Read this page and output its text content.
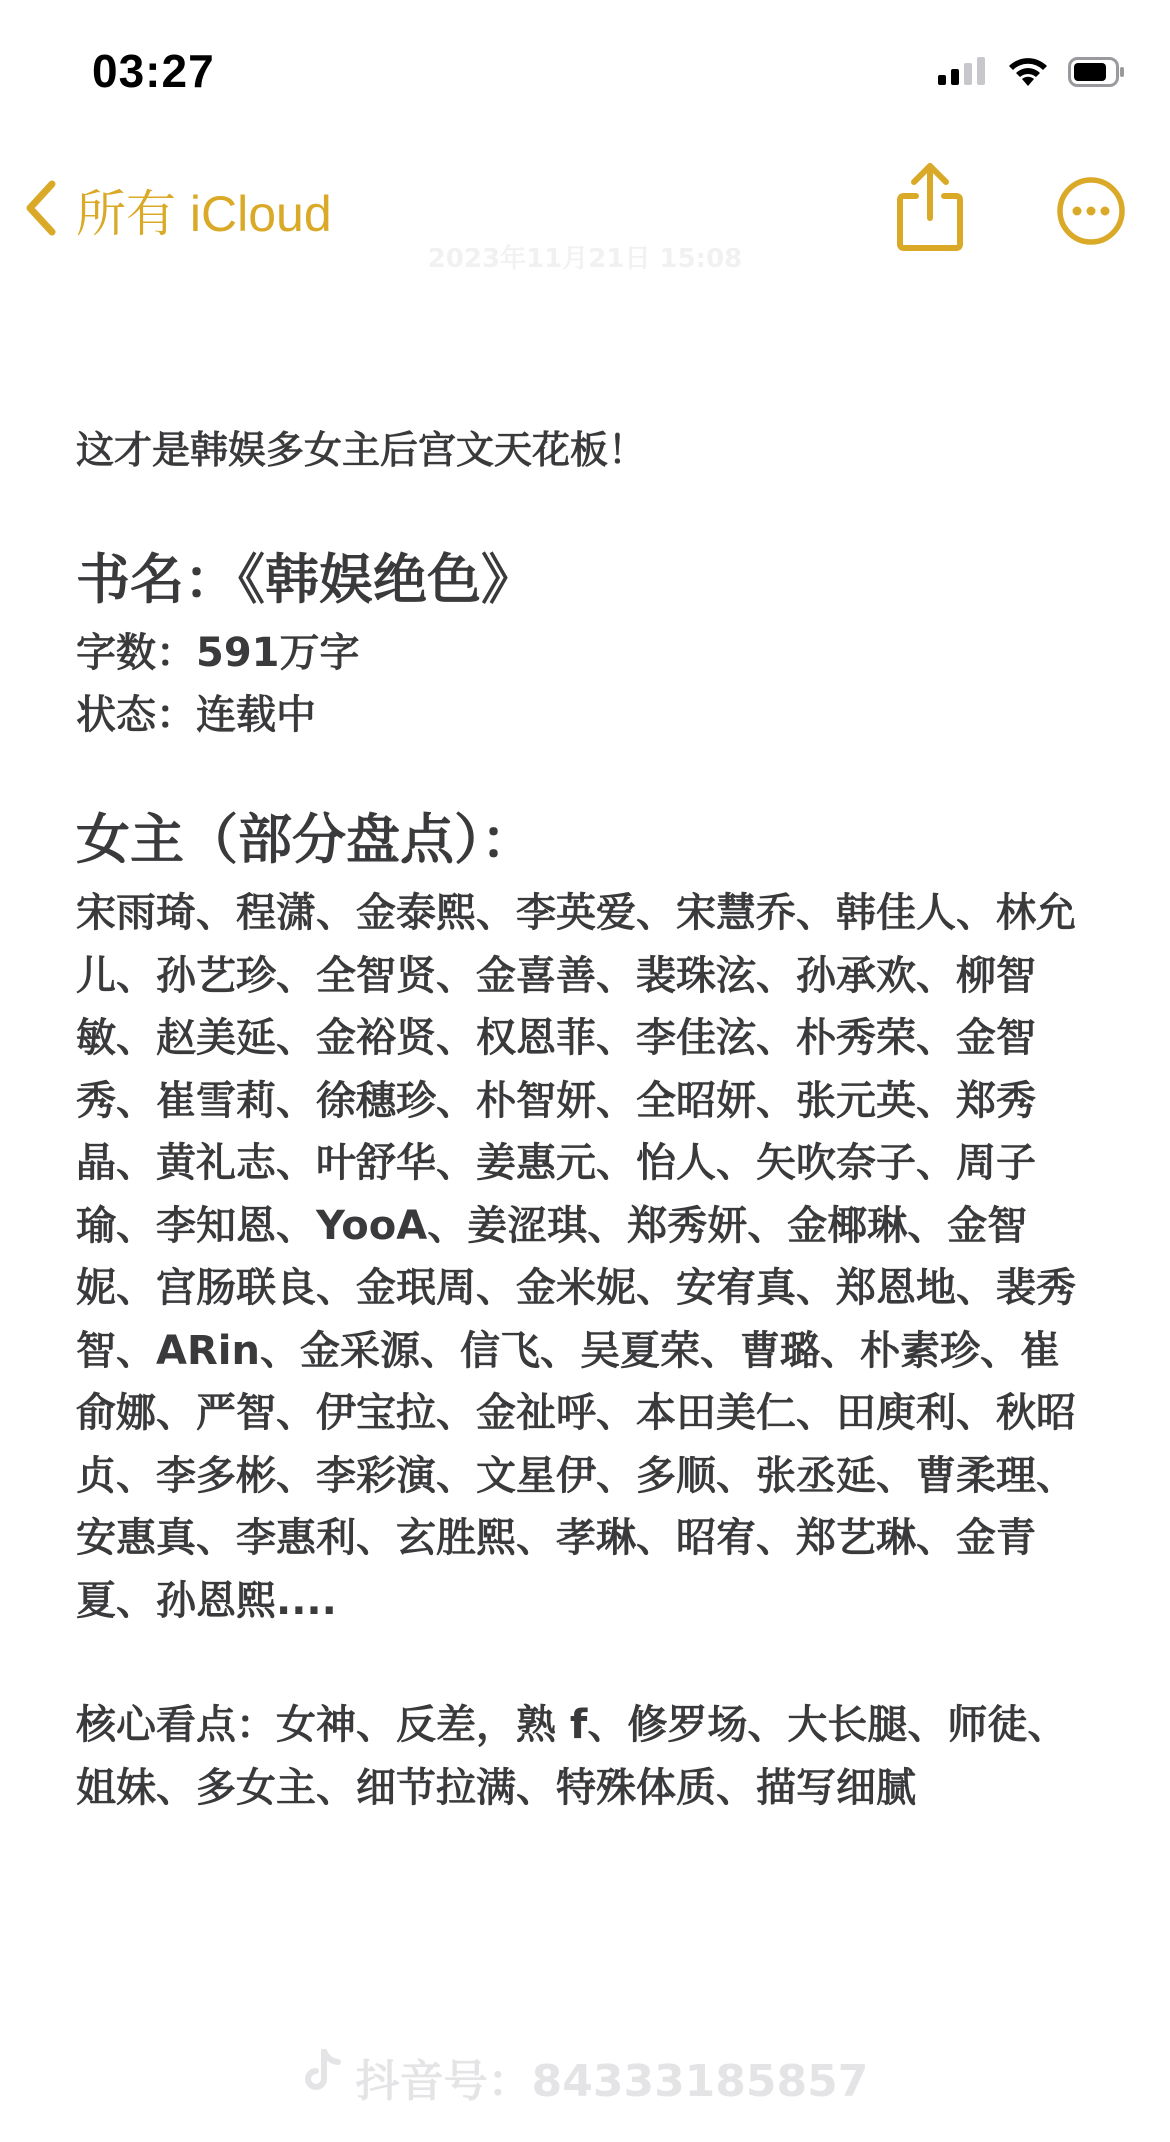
03:27
所有 iCloud
2023年11月21日 15:08

这才是韩娱多女主后宫文天花板！

书名：《韩娱绝色》

字数：591万字

状态：连载中

女主（部分盘点）：

宋雨琦、程潇、金泰熙、李英爱、宋慧乔、韩佳人、林允儿、孙艺珍、全智贤、金喜善、裴珠泫、孙承欢、柳智敏、赵美延、金裕贤、权恩菲、李佳泫、朴秀荣、金智秀、崔雪莉、徐穗珍、朴智妍、全昭妍、张元英、郑秀晶、黄礼志、叶舒华、姜惠元、怡人、矢吹奈子、周子瑜、李知恩、YooA、姜涩琪、郑秀妍、金椰琳、金智妮、宫肠联良、金珉周、金米妮、安宥真、郑恩地、裴秀智、ARin、金采源、信飞、吴夏荣、曹璐、朴素珍、崔俞娜、严智、伊宝拉、金祉呼、本田美仁、田庾利、秋昭贞、李多彬、李彩演、文星伊、多顺、张丞延、曹柔理、安惠真、李惠利、玄胜熙、孝琳、昭宥、郑艺琳、金青夏、孙恩熙....

核心看点：女神、反差，熟 f、修罗场、大长腿、师徒、姐妹、多女主、细节拉满、特殊体质、描写细腻

抖音号：84333185857
